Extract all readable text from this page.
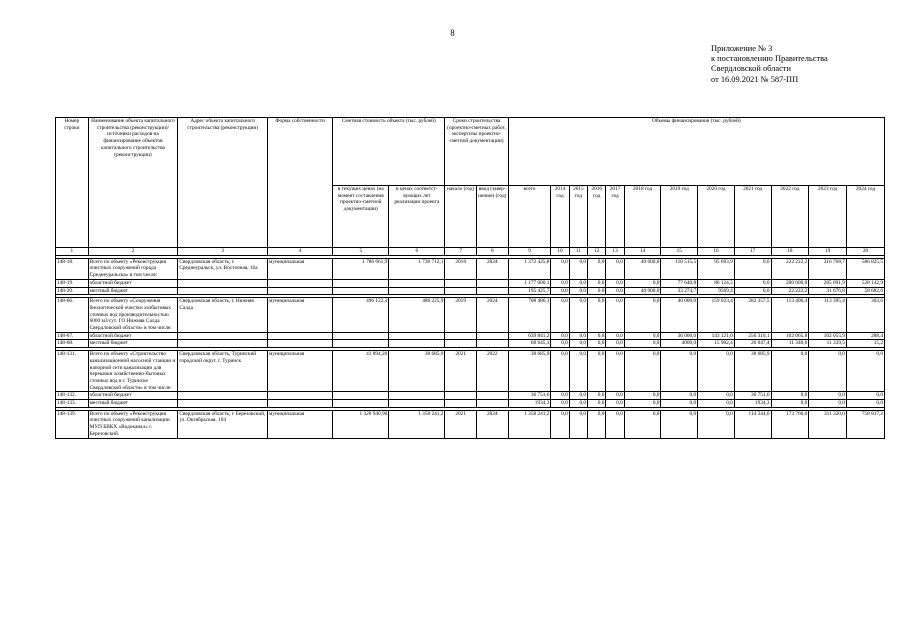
8
Приложение № 3
к постановлению Правительства
Свердловской области
от 16.09.2021 № 587-ПП
Номер строки	Наименование объекта капитального строительства (реконструкции)/ источники расходов на финансирование объектов капитального строительства (реконструкции)	Адрес объекта капитального строительства (реконструкции)	Форма собственности	Сметная стоимость объекта (тыс. рублей)		Сроки строительства (проектно-сметных работ, экспертизы проектно-сметной документации)		Объемы финансирования (тыс. рублей)											
				в текущих ценах (на момент составления проектно-сметной документации)	в ценах соответст-вующих лет реализации проекта	начало (год)	ввод (завер-шение) (год)	всего	2014 год	2015 год	2016 год	2017 год	2018 год	2019 год	2020 год	2021 год	2022 год	2023 год	2024 год
1	2	3	4	5	6	7	8	9	10	11	12	13	14	15	16	17	18	19	20

148-18.	Всего по объекту «Реконструкция очистных сооружений города Среднеуральска» в том числе:	Свердловская область, г. Среднеуральск, ул. Восточная, 16а	муниципальная	1 786 661,9	1 730 712,1	2018	2024	1 372 425,8	0,0	0,0	0,0	0,0	40 000,0	110 515,5	95 693,9	0,0	222 222,2	316 768,7	586 825,5
148-19.	областной бюджет							1 177 000,1	0,0	0,0	0,0	0,0	0,0	77 640,8	86 124,5	0,0	200 000,0	285 091,9	528 142,9
148-20.	местный бюджет							195 425,7	0,0	0,0	0,0	0,0	40 000,0	33 274,7	9569,4	0,0	22 222,2	31 676,8	58 682,6

148-66.	Всего по объекту «Сооружения биологической очистки хозбытовых сточных вод производительностью 6000 м3/сут. ГО Нижняя Салда Свердловской области» в том числе:	Свердловская область, г. Нижняя Салда	муниципальная	496 122,3	486 225,9	2019	2024	708 486,3	0,0	0,0	0,0	0,0	0,0	40 000,0	159 023,4	282 357,5	113 406,4	113 395,4	303,6
148-67.	областной бюджет							639 841,2	0,0	0,0	0,0	0,0	0,0	36 000,0	143 121,0	256 310,1	102 065,8	102 055,9	288,4
148-68.	местный бюджет							68 645,1	0,0	0,0	0,0	0,0	0,0	4000,0	15 902,4	26 047,4	11 340,6	11 339,5	15,2

148-131.	Всего по объекту «Строительство канализационной насосной станции и напорной сети канализации для перекачки хозяйственно-бытовых сточных вод в г. Туринске Свердловской области» в том числе:	Свердловская область, Туринский городской округ, г. Туринск	муниципальная	41 894,20	38 685,9	2021	2022	38 685,9	0,0	0,0	0,0	0,0	0,0	0,0	0,0	38 685,9	0,0	0,0	0,0
148-132.	областной бюджет							36 751,6	0,0	0,0	0,0	0,0	0,0	0,0	0,0	36 751,6	0,0	0,0	0,0
148-133.	местный бюджет							1934,3	0,0	0,0	0,0	0,0	0,0	0,0	0,0	1934,3	0,0	0,0	0,0

148-139.	Всего по объекту «Реконструкция очистных сооружений канализации МУП БВКХ «Водоканал» г. Березовский.	Свердловская область, г. Березовский, ул. Октябрьская, 104	муниципальная	1 320 940,90	1 358 241,2	2021	2024	1 358 241,2	0,0	0,0	0,0	0,0	0,0	0,0	0,0	114 344,0	173 760,0	311 320,0	758 817,2
